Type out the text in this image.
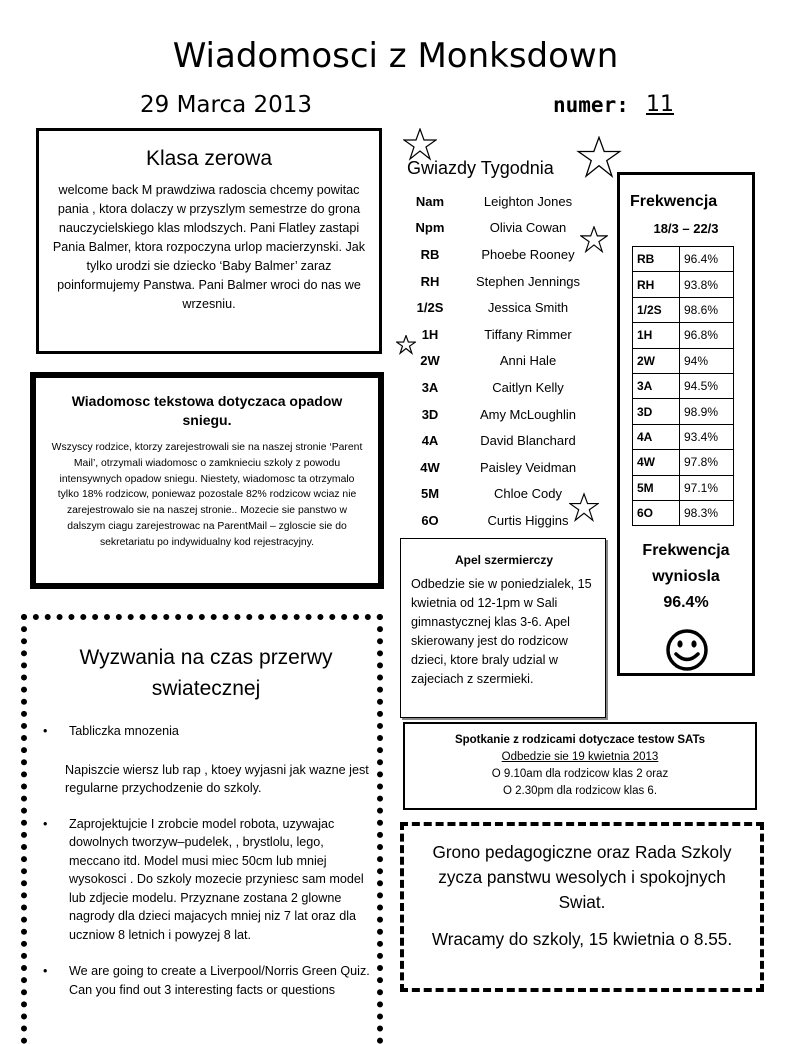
Wiadomosci z Monksdown
29 Marca 2013	numer: 11
Klasa zerowa

welcome back M prawdziwa radoscia chcemy powitac pania , ktora dolaczy w przyszlym semestrze do grona nauczycielskiego klas mlodszych. Pani Flatley zastapi Pania Balmer, ktora rozpoczyna urlop macierzynski. Jak tylko urodzi sie dziecko ‘Baby Balmer’ zaraz poinformujemy Panstwa. Pani Balmer wroci do nas we wrzesniu.

Wiadomosc tekstowa dotyczaca opadow sniegu.

Wszyscy rodzice, ktorzy zarejestrowali sie na naszej stronie ‘Parent Mail’, otrzymali wiadomosc o zamknieciu szkoly z powodu intensywnych opadow sniegu. Niestety, wiadomosc ta otrzymalo tylko 18% rodzicow, poniewaz pozostale 82% rodzicow wciaz nie zarejestrowalo sie na naszej stronie.. Mozecie sie panstwo w dalszym ciagu zarejestrowac na ParentMail – zgloscie sie do sekretariatu po indywidualny kod rejestracyjny.

Wyzwania na czas przerwy swiatecznej
• Tabliczka mnozenia
Napiszcie wiersz lub rap , ktoey wyjasni jak wazne jest regularne przychodzenie do szkoly.
• Zaprojektujcie I zrobcie model robota, uzywajac dowolnych tworzyw–pudelek, , brystlolu, lego, meccano itd. Model musi miec 50cm lub mniej wysokosci . Do szkoly mozecie przyniesc sam model lub zdjecie modelu. Przyznane zostana 2 glowne nagrody dla dzieci majacych mniej niz 7 lat oraz dla uczniow 8 letnich i powyzej 8 lat.
• We are going to create a Liverpool/Norris Green Quiz. Can you find out 3 interesting facts or questions
Gwiazdy Tygodnia
Nam	Leighton Jones
Npm	Olivia Cowan
RB	Phoebe Rooney
RH	Stephen Jennings
1/2S	Jessica Smith
1H	Tiffany Rimmer
2W	Anni Hale
3A	Caitlyn Kelly
3D	Amy McLoughlin
4A	David Blanchard
4W	Paisley Veidman
5M	Chloe Cody
6O	Curtis Higgins
Apel szermierczy

Odbedzie sie w poniedzialek, 15 kwietnia od 12-1pm w Sali gimnastycznej klas 3-6. Apel skierowany jest do rodzicow dzieci, ktore braly udzial w zajeciach z szermieki.

Frekwencja
18/3 – 22/3
RB	96.4%
RH	93.8%
1/2S	98.6%
1H	96.8%
2W	94%
3A	94.5%
3D	98.9%
4A	93.4%
4W	97.8%
5M	97.1%
6O	98.3%
Frekwencja
wyniosla
96.4%
Spotkanie z rodzicami dotyczace testow SATs

Odbedzie sie 19 kwietnia 2013

O 9.10am dla rodzicow klas 2 oraz

O 2.30pm dla rodzicow klas 6.

Grono pedagogiczne oraz Rada Szkoly zycza panstwu wesolych i spokojnych Swiat.

Wracamy do szkoly, 15 kwietnia o 8.55.
